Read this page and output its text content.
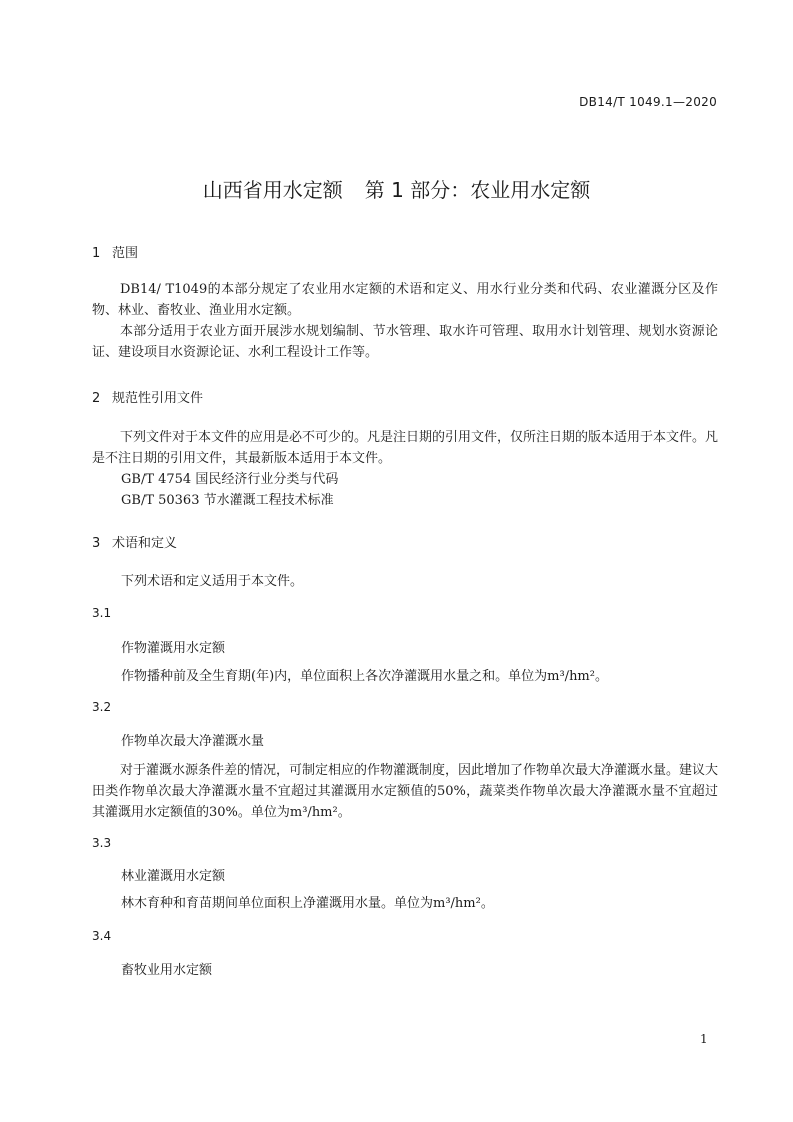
DB14/T 1049.1—2020
山西省用水定额 第 1 部分：农业用水定额
1 范围
DB14/ T1049的本部分规定了农业用水定额的术语和定义、用水行业分类和代码、农业灌溉分区及作物、林业、畜牧业、渔业用水定额。
本部分适用于农业方面开展涉水规划编制、节水管理、取水许可管理、取用水计划管理、规划水资源论证、建设项目水资源论证、水利工程设计工作等。
2 规范性引用文件
下列文件对于本文件的应用是必不可少的。凡是注日期的引用文件，仅所注日期的版本适用于本文件。凡是不注日期的引用文件，其最新版本适用于本文件。
GB/T 4754 国民经济行业分类与代码
GB/T 50363 节水灌溉工程技术标准
3 术语和定义
下列术语和定义适用于本文件。
3.1
作物灌溉用水定额
作物播种前及全生育期(年)内，单位面积上各次净灌溉用水量之和。单位为m³/hm²。
3.2
作物单次最大净灌溉水量
对于灌溉水源条件差的情况，可制定相应的作物灌溉制度，因此增加了作物单次最大净灌溉水量。建议大田类作物单次最大净灌溉水量不宜超过其灌溉用水定额值的50%，蔬菜类作物单次最大净灌溉水量不宜超过其灌溉用水定额值的30%。单位为m³/hm²。
3.3
林业灌溉用水定额
林木育种和育苗期间单位面积上净灌溉用水量。单位为m³/hm²。
3.4
畜牧业用水定额
1
